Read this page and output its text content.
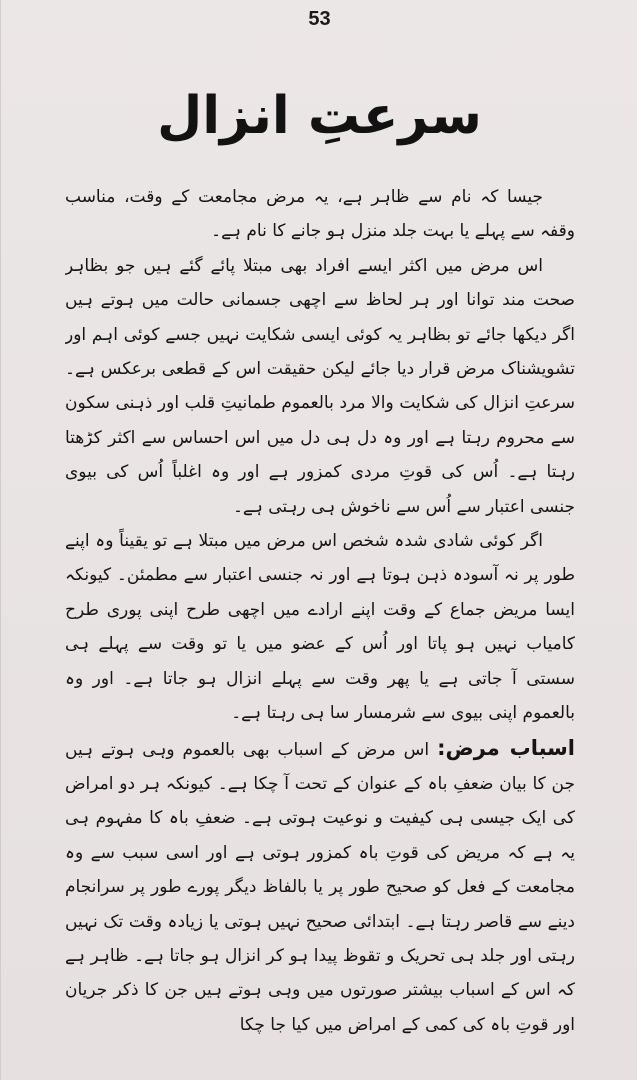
53
سرعتِ انزال

جیسا کہ نام سے ظاہر ہے، یہ مرض مجامعت کے وقت، مناسب وقفہ سے پہلے یا بہت جلد منزل ہو جانے کا نام ہے۔

اس مرض میں اکثر ایسے افراد بھی مبتلا پائے گئے ہیں جو بظاہر صحت مند توانا اور ہر لحاظ سے اچھی جسمانی حالت میں ہوتے ہیں اگر دیکھا جائے تو بظاہر یہ کوئی ایسی شکایت نہیں جسے کوئی اہم اور تشویشناک مرض قرار دیا جائے لیکن حقیقت اس کے قطعی برعکس ہے۔ سرعتِ انزال کی شکایت والا مرد بالعموم طمانیتِ قلب اور ذہنی سکون سے محروم رہتا ہے اور وہ دل ہی دل میں اس احساس سے اکثر کڑھتا رہتا ہے۔ اُس کی قوتِ مردی کمزور ہے اور وہ اغلباً اُس کی بیوی جنسی اعتبار سے اُس سے ناخوش ہی رہتی ہے۔

اگر کوئی شادی شدہ شخص اس مرض میں مبتلا ہے تو یقیناً وہ اپنے طور پر نہ آسودہ ذہن ہوتا ہے اور نہ جنسی اعتبار سے مطمئن۔ کیونکہ ایسا مریض جماع کے وقت اپنے ارادے میں اچھی طرح اپنی پوری طرح کامیاب نہیں ہو پاتا اور اُس کے عضو میں یا تو وقت سے پہلے ہی سستی آ جاتی ہے یا پھر وقت سے پہلے انزال ہو جاتا ہے۔ اور وہ بالعموم اپنی بیوی سے شرمسار سا ہی رہتا ہے۔

اسباب مرض: اس مرض کے اسباب بھی بالعموم وہی ہوتے ہیں جن کا بیان ضعفِ باہ کے عنوان کے تحت آ چکا ہے۔ کیونکہ ہر دو امراض کی ایک جیسی ہی کیفیت و نوعیت ہوتی ہے۔ ضعفِ باہ کا مفہوم ہی یہ ہے کہ مریض کی قوتِ باہ کمزور ہوتی ہے اور اسی سبب سے وہ مجامعت کے فعل کو صحیح طور پر یا بالفاظ دیگر پورے طور پر سرانجام دینے سے قاصر رہتا ہے۔ ابتدائی صحیح نہیں ہوتی یا زیادہ وقت تک نہیں رہتی اور جلد ہی تحریک و تقوظ پیدا ہو کر انزال ہو جاتا ہے۔ ظاہر ہے کہ اس کے اسباب بیشتر صورتوں میں وہی ہوتے ہیں جن کا ذکر جریان اور قوتِ باہ کی کمی کے امراض میں کیا جا چکا
